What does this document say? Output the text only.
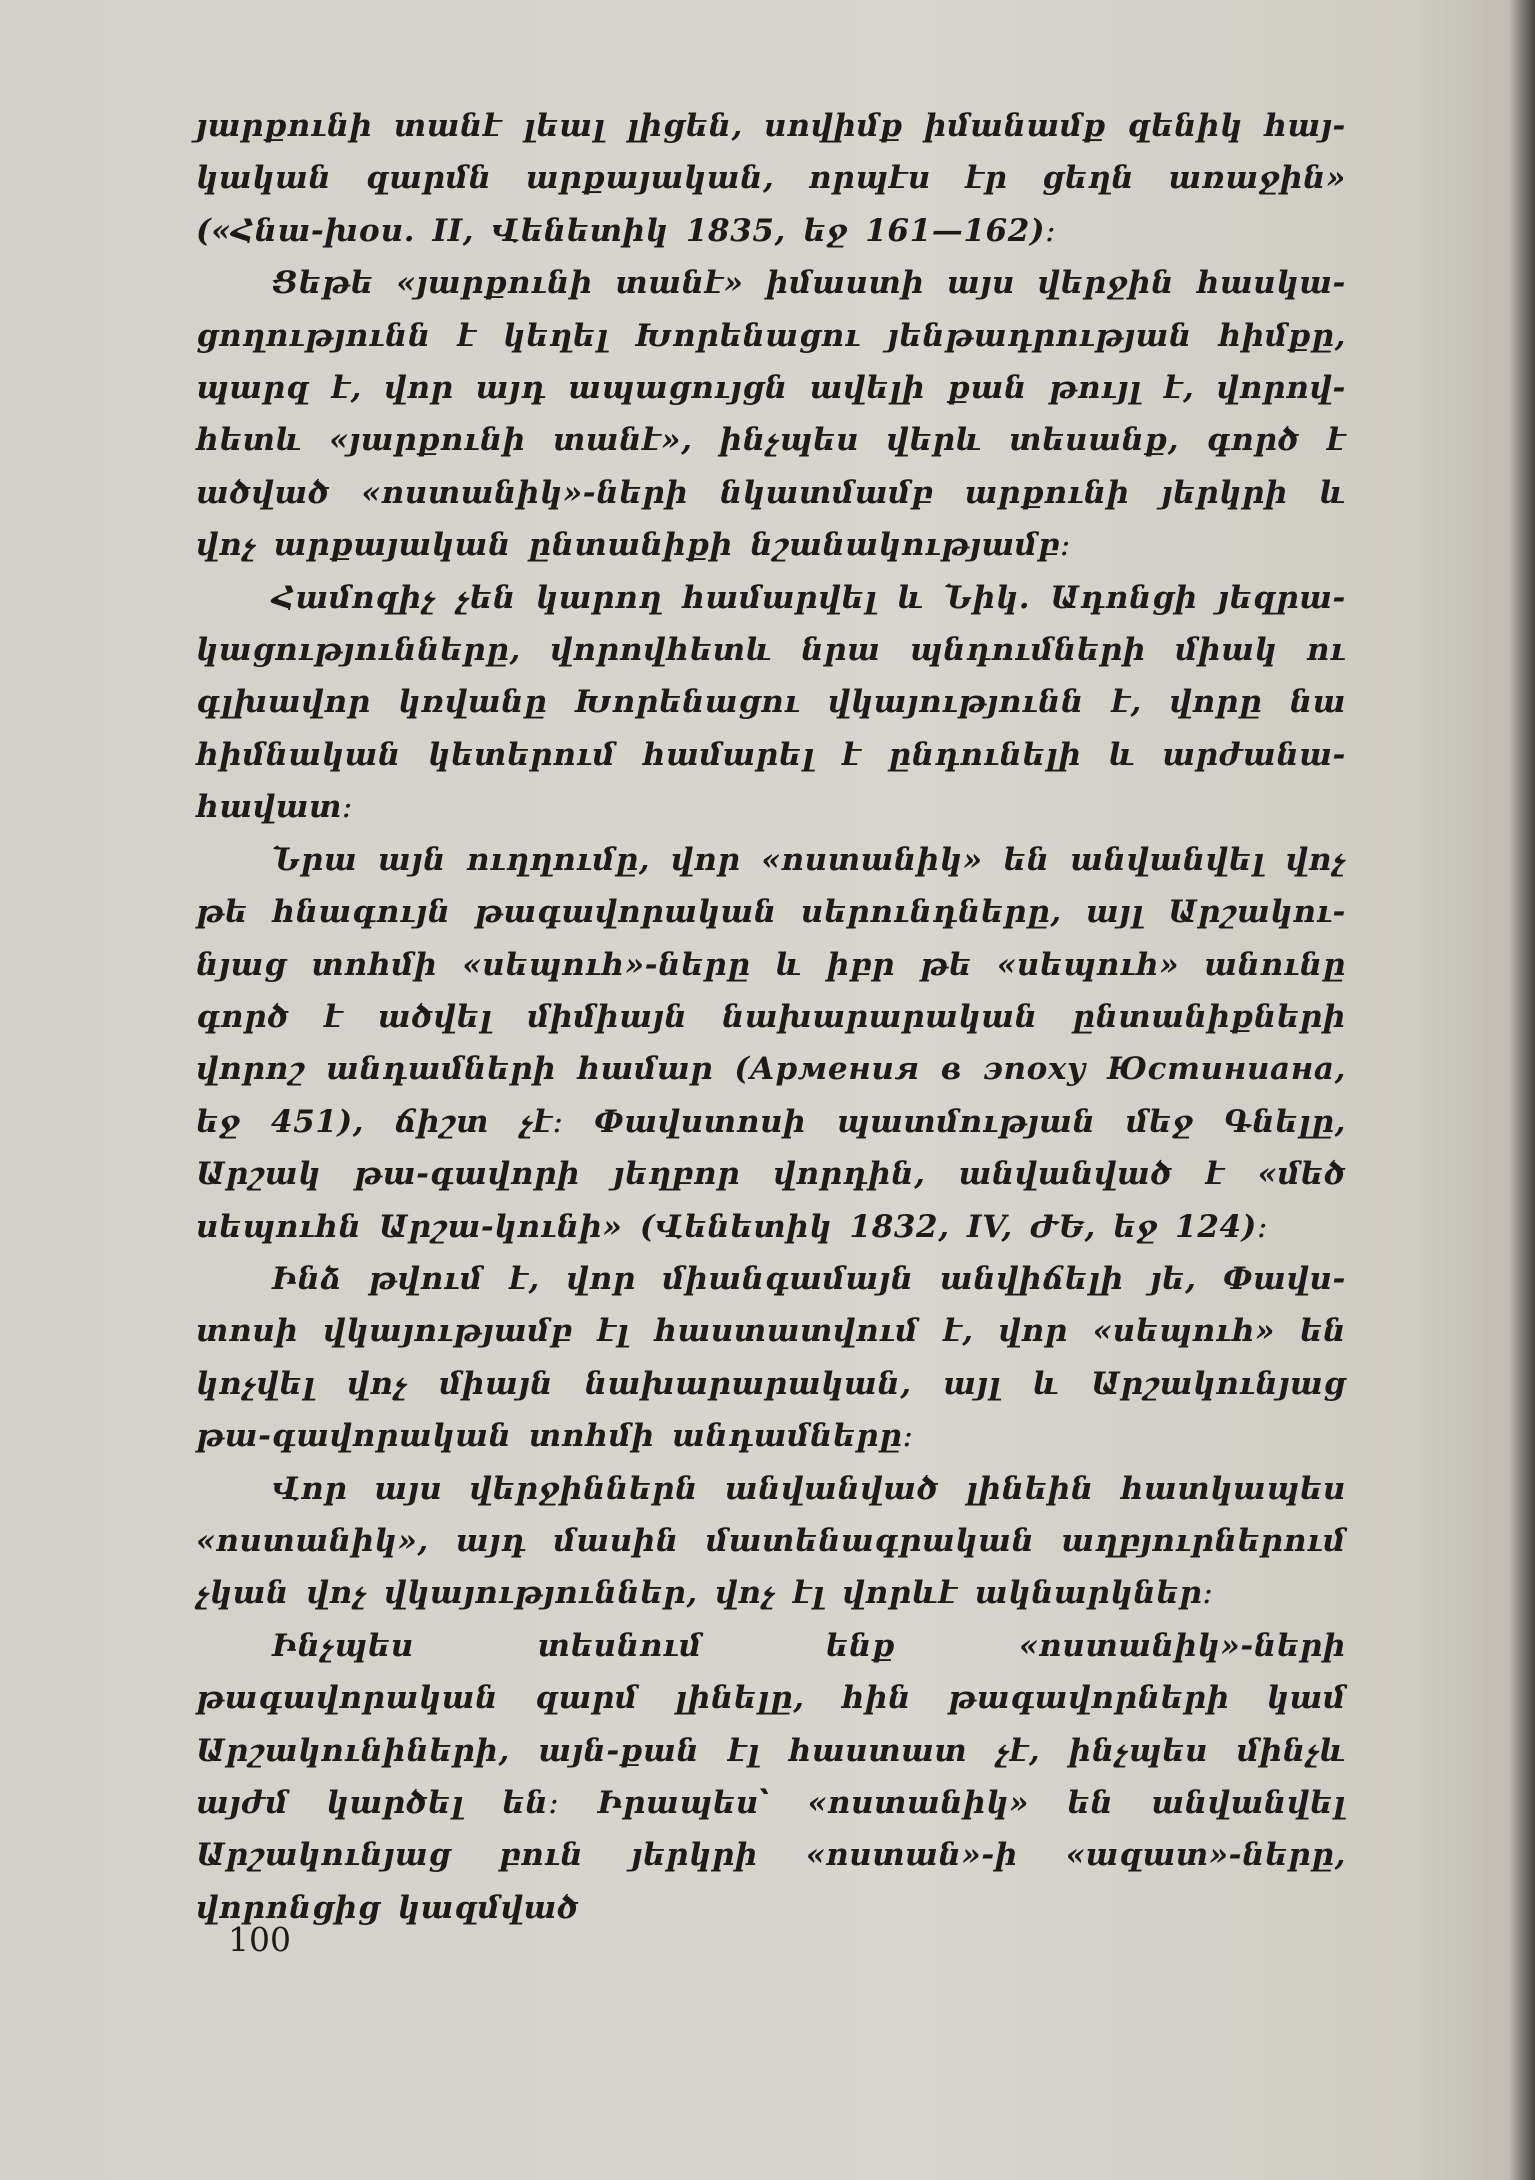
յարքունի տանէ լեալ լիցեն, սովիմք իմանամք զենիկ հայ-կական զարմն արքայական, որպէս էր ցեղն առաջին» («Հնա-խօս. II, Վենետիկ 1835, եջ 161—162)։

Ցեթե «յարքունի տանէ» իմաստի այս վերջին հասկա-ցողությունն է կեղել Խորենացու յենթադրության հիմքը, պարզ է, վոր այդ ապացույցն ավելի քան թույլ է, վորով-հետև «յարքունի տանէ», ինչպես վերև տեսանք, գործ է ածված «ոստանիկ»-ների նկատմամբ արքունի յերկրի և վոչ արքայական ընտանիքի նշանակությամբ։

Համոզիչ չեն կարող համարվել և Նիկ. Ադոնցի յեզրա-կացությունները, վորովհետև նրա պնդումների միակ ու գլխավոր կռվանը Խորենացու վկայությունն է, վորը նա հիմնական կետերում համարել է ընդունելի և արժանա-հավատ։

Նրա այն ուղղումը, վոր «ոստանիկ» են անվանվել վոչ թե հնագույն թագավորական սերունդները, այլ Արշակու-նյաց տոհմի «սեպուհ»-ները և իբր թե «սեպուհ» անունը գործ է ածվել միմիայն նախարարական ընտանիքների վորոշ անդամների համար (Армения в эпоху Юстиниана, եջ 451), ճիշտ չէ։ Փավստոսի պատմության մեջ Գնելը, Արշակ թա-գավորի յեղբոր վորդին, անվանված է «մեծ սեպուհն Արշա-կունի» (Վենետիկ 1832, IV, ԺԵ, եջ 124)։

Ինձ թվում է, վոր միանգամայն անվիճելի յե, Փավս-տոսի վկայությամբ էլ հաստատվում է, վոր «սեպուհ» են կոչվել վոչ միայն նախարարական, այլ և Արշակունյաց թա-գավորական տոհմի անդամները։

Վոր այս վերջիններն անվանված լինեին հատկապես «ոստանիկ», այդ մասին մատենագրական աղբյուրներում չկան վոչ վկայություններ, վոչ էլ վորևէ ակնարկներ։

Ինչպես տեսնում ենք «ոստանիկ»-ների թագավորական զարմ լինելը, հին թագավորների կամ Արշակունիների, այն-քան էլ հաստատ չէ, ինչպես մինչև այժմ կարծել են։ Իրապես՝ «ոստանիկ» են անվանվել Արշակունյաց բուն յերկրի «ոստան»-ի «ազատ»-ները, վորոնցից կազմված

100
